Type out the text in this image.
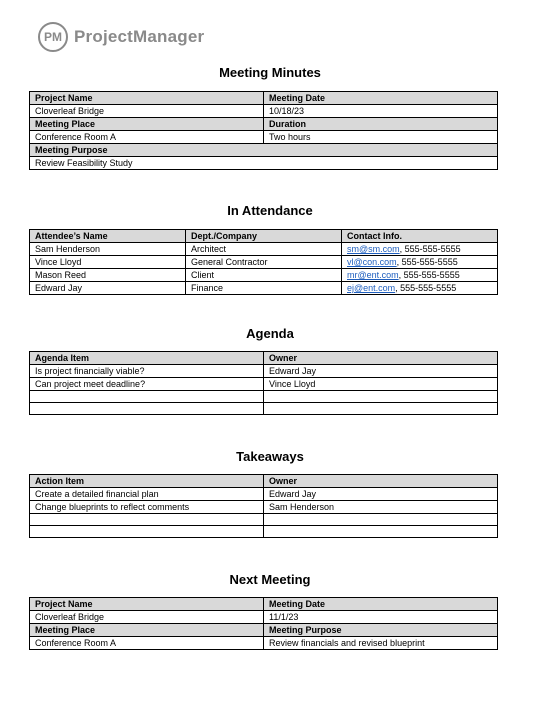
PM ProjectManager
Meeting Minutes
Project Name	Meeting Date
Cloverleaf Bridge	10/18/23
Meeting Place	Duration
Conference Room A	Two hours
Meeting Purpose	
Review Feasibility Study	
In Attendance
Attendee’s Name	Dept./Company	Contact Info.
Sam Henderson	Architect	sm@sm.com, 555-555-5555
Vince Lloyd	General Contractor	vl@con.com, 555-555-5555
Mason Reed	Client	mr@ent.com, 555-555-5555
Edward Jay	Finance	ej@ent.com, 555-555-5555
Agenda
Agenda Item	Owner
Is project financially viable?	Edward Jay
Can project meet deadline?	Vince Lloyd

Takeaways
Action Item	Owner
Create a detailed financial plan	Edward Jay
Change blueprints to reflect comments	Sam Henderson

Next Meeting
Project Name	Meeting Date
Cloverleaf Bridge	11/1/23
Meeting Place	Meeting Purpose
Conference Room A	Review financials and revised blueprint
